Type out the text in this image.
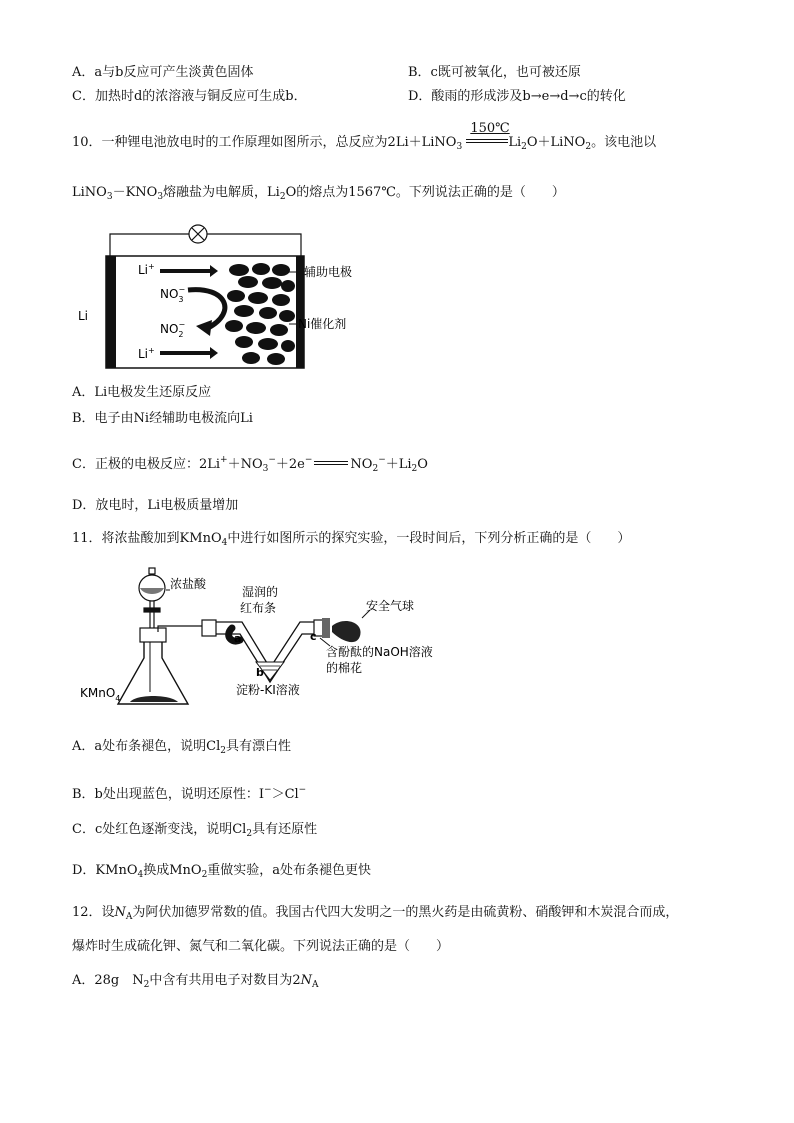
A．a与b反应可产生淡黄色固体	B．c既可被氧化，也可被还原
C．加热时d的浓溶液与铜反应可生成b．	D．酸雨的形成涉及b→e→d→c的转化
10．一种锂电池放电时的工作原理如图所示，总反应为2Li＋LiNO$_3$
150℃
$Li_2O+LiNO_2$。该电池以
$LiNO_3-KNO_3$熔融盐为电解质，$Li_2O$的熔点为1567℃。下列说法正确的是（　　）
Li
Li+
$NO_3-$
$NO_2-$
Li+
辅助电极
Ni催化剂
A．Li电极发生还原反应
B．电子由Ni经辅助电极流向Li
C．正极的电极反应：$2Li^++NO_3^-+2e^-$	$NO_2^-+Li_2O$
D．放电时，Li电极质量增加
11．将浓盐酸加到KMnO$_4$中进行如图所示的探究实验，一段时间后，下列分析正确的是（　　）
浓盐酸
KMnO$_4$
安全气球
湿润的
红布条
a
b
c
含酚酞的NaOH溶液
的棉花
淀粉-KI溶液
A．a处布条褪色，说明$Cl_2$具有漂白性
B．b处出现蓝色，说明还原性：I−＞Cl−
C．c处红色逐渐变浅，说明$Cl_2$具有还原性
D．KMnO$_4$换成MnO$_2$重做实验，a处布条褪色更快
12．设$N_A$为阿伏加德罗常数的值。我国古代四大发明之一的黑火药是由硫黄粉、硝酸钾和木炭混合而成，
爆炸时生成硫化钾、氮气和二氧化碳。下列说法正确的是（　　）
A．28g　$N_2$中含有共用电子对数目为$2N_A$
